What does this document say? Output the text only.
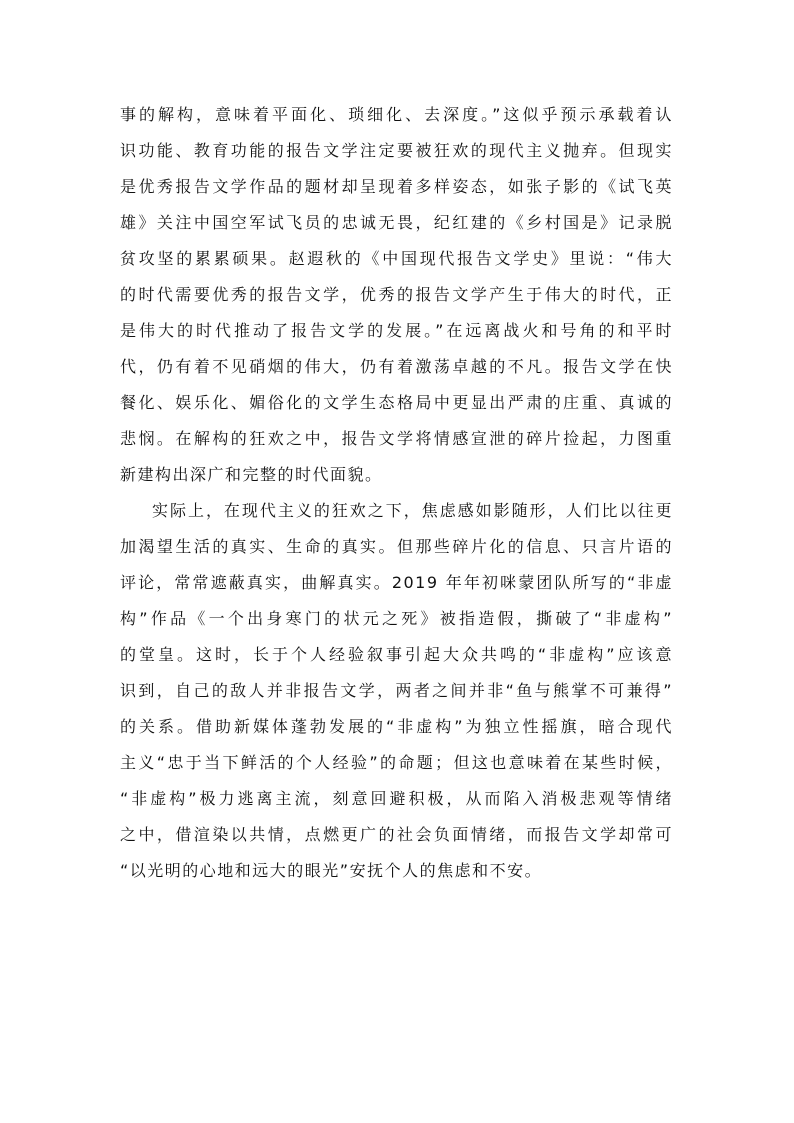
事的解构，意味着平面化、琐细化、去深度。”这似乎预示承载着认
识功能、教育功能的报告文学注定要被狂欢的现代主义抛弃。但现实
是优秀报告文学作品的题材却呈现着多样姿态，如张子影的《试飞英
雄》关注中国空军试飞员的忠诚无畏，纪红建的《乡村国是》记录脱
贫攻坚的累累硕果。赵遐秋的《中国现代报告文学史》里说：“伟大
的时代需要优秀的报告文学，优秀的报告文学产生于伟大的时代，正
是伟大的时代推动了报告文学的发展。”在远离战火和号角的和平时
代，仍有着不见硝烟的伟大，仍有着激荡卓越的不凡。报告文学在快
餐化、娱乐化、媚俗化的文学生态格局中更显出严肃的庄重、真诚的
悲悯。在解构的狂欢之中，报告文学将情感宣泄的碎片捡起，力图重
新建构出深广和完整的时代面貌。
实际上，在现代主义的狂欢之下，焦虑感如影随形，人们比以往更
加渴望生活的真实、生命的真实。但那些碎片化的信息、只言片语的
评论，常常遮蔽真实，曲解真实。2019 年年初咪蒙团队所写的“非虚
构”作品《一个出身寒门的状元之死》被指造假，撕破了“非虚构”
的堂皇。这时，长于个人经验叙事引起大众共鸣的“非虚构”应该意
识到，自己的敌人并非报告文学，两者之间并非“鱼与熊掌不可兼得”
的关系。借助新媒体蓬勃发展的“非虚构”为独立性摇旗，暗合现代
主义“忠于当下鲜活的个人经验”的命题；但这也意味着在某些时候，
“非虚构”极力逃离主流，刻意回避积极，从而陷入消极悲观等情绪
之中，借渲染以共情，点燃更广的社会负面情绪，而报告文学却常可
“以光明的心地和远大的眼光”安抚个人的焦虑和不安。
